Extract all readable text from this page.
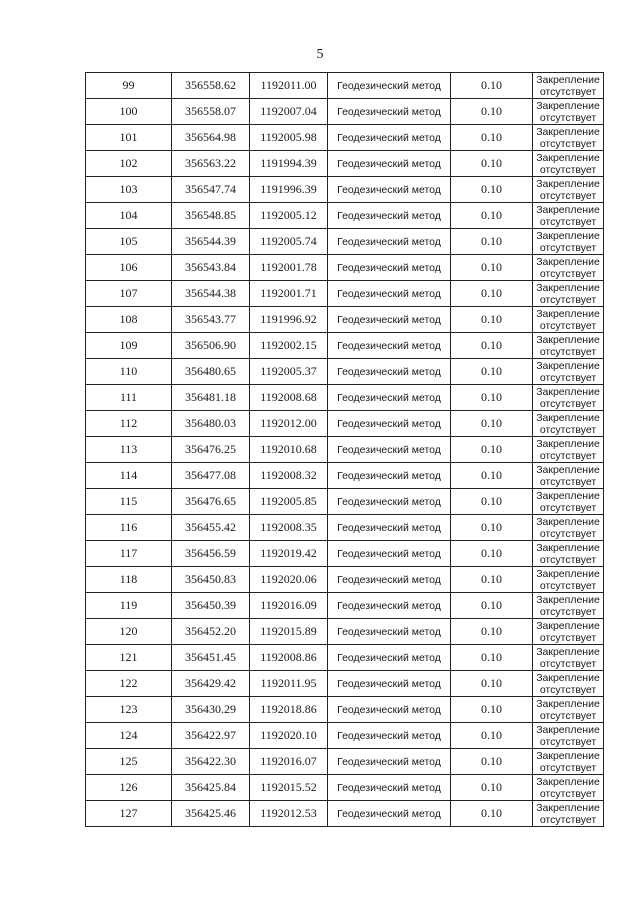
5
99	356558.62	1192011.00	Геодезический метод	0.10	Закрепление
отсутствует

100	356558.07	1192007.04	Геодезический метод	0.10	Закрепление
отсутствует

101	356564.98	1192005.98	Геодезический метод	0.10	Закрепление
отсутствует

102	356563.22	1191994.39	Геодезический метод	0.10	Закрепление
отсутствует

103	356547.74	1191996.39	Геодезический метод	0.10	Закрепление
отсутствует

104	356548.85	1192005.12	Геодезический метод	0.10	Закрепление
отсутствует

105	356544.39	1192005.74	Геодезический метод	0.10	Закрепление
отсутствует

106	356543.84	1192001.78	Геодезический метод	0.10	Закрепление
отсутствует

107	356544.38	1192001.71	Геодезический метод	0.10	Закрепление
отсутствует

108	356543.77	1191996.92	Геодезический метод	0.10	Закрепление
отсутствует

109	356506.90	1192002.15	Геодезический метод	0.10	Закрепление
отсутствует

110	356480.65	1192005.37	Геодезический метод	0.10	Закрепление
отсутствует

111	356481.18	1192008.68	Геодезический метод	0.10	Закрепление
отсутствует

112	356480.03	1192012.00	Геодезический метод	0.10	Закрепление
отсутствует

113	356476.25	1192010.68	Геодезический метод	0.10	Закрепление
отсутствует

114	356477.08	1192008.32	Геодезический метод	0.10	Закрепление
отсутствует

115	356476.65	1192005.85	Геодезический метод	0.10	Закрепление
отсутствует

116	356455.42	1192008.35	Геодезический метод	0.10	Закрепление
отсутствует

117	356456.59	1192019.42	Геодезический метод	0.10	Закрепление
отсутствует

118	356450.83	1192020.06	Геодезический метод	0.10	Закрепление
отсутствует

119	356450.39	1192016.09	Геодезический метод	0.10	Закрепление
отсутствует

120	356452.20	1192015.89	Геодезический метод	0.10	Закрепление
отсутствует

121	356451.45	1192008.86	Геодезический метод	0.10	Закрепление
отсутствует

122	356429.42	1192011.95	Геодезический метод	0.10	Закрепление
отсутствует

123	356430.29	1192018.86	Геодезический метод	0.10	Закрепление
отсутствует

124	356422.97	1192020.10	Геодезический метод	0.10	Закрепление
отсутствует

125	356422.30	1192016.07	Геодезический метод	0.10	Закрепление
отсутствует

126	356425.84	1192015.52	Геодезический метод	0.10	Закрепление
отсутствует

127	356425.46	1192012.53	Геодезический метод	0.10	Закрепление
отсутствует
